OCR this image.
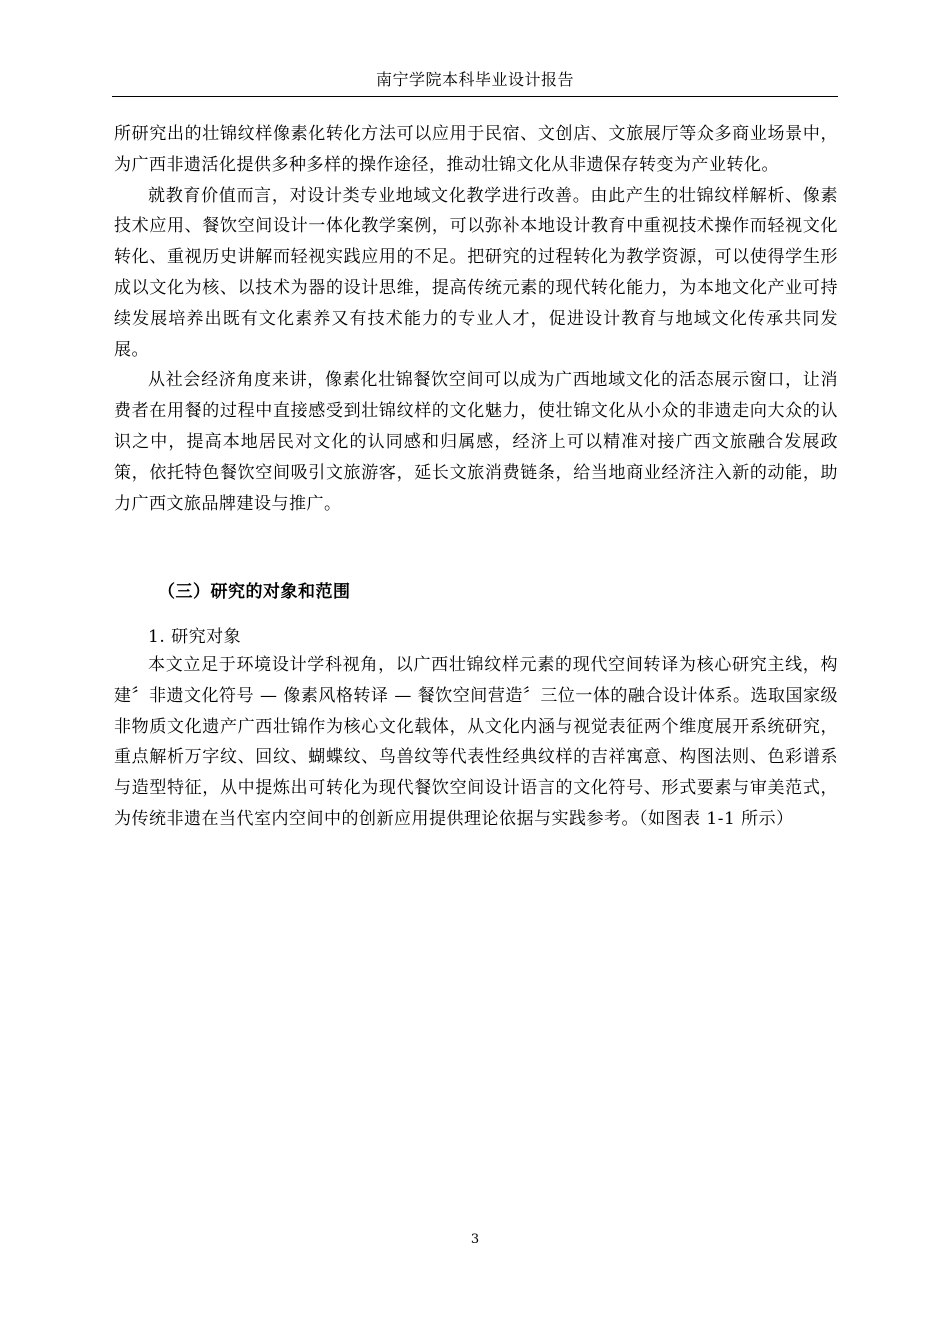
南宁学院本科毕业设计报告

所研究出的壮锦纹样像素化转化方法可以应用于民宿、文创店、文旅展厅等众多商业场景中，为广西非遗活化提供多种多样的操作途径，推动壮锦文化从非遗保存转变为产业转化。

就教育价值而言，对设计类专业地域文化教学进行改善。由此产生的壮锦纹样解析、像素技术应用、餐饮空间设计一体化教学案例，可以弥补本地设计教育中重视技术操作而轻视文化转化、重视历史讲解而轻视实践应用的不足。把研究的过程转化为教学资源，可以使得学生形成以文化为核、以技术为器的设计思维，提高传统元素的现代转化能力，为本地文化产业可持续发展培养出既有文化素养又有技术能力的专业人才，促进设计教育与地域文化传承共同发展。

从社会经济角度来讲，像素化壮锦餐饮空间可以成为广西地域文化的活态展示窗口，让消费者在用餐的过程中直接感受到壮锦纹样的文化魅力，使壮锦文化从小众的非遗走向大众的认识之中，提高本地居民对文化的认同感和归属感，经济上可以精准对接广西文旅融合发展政策，依托特色餐饮空间吸引文旅游客，延长文旅消费链条，给当地商业经济注入新的动能，助力广西文旅品牌建设与推广。

（三）研究的对象和范围
1. 研究对象

本文立足于环境设计学科视角，以广西壮锦纹样元素的现代空间转译为核心研究主线，构建〞非遗文化符号 — 像素风格转译 — 餐饮空间营造〞三位一体的融合设计体系。选取国家级非物质文化遗产广西壮锦作为核心文化载体，从文化内涵与视觉表征两个维度展开系统研究，重点解析万字纹、回纹、蝴蝶纹、鸟兽纹等代表性经典纹样的吉祥寓意、构图法则、色彩谱系与造型特征，从中提炼出可转化为现代餐饮空间设计语言的文化符号、形式要素与审美范式，为传统非遗在当代室内空间中的创新应用提供理论依据与实践参考。（如图表 1-1 所示）

3
